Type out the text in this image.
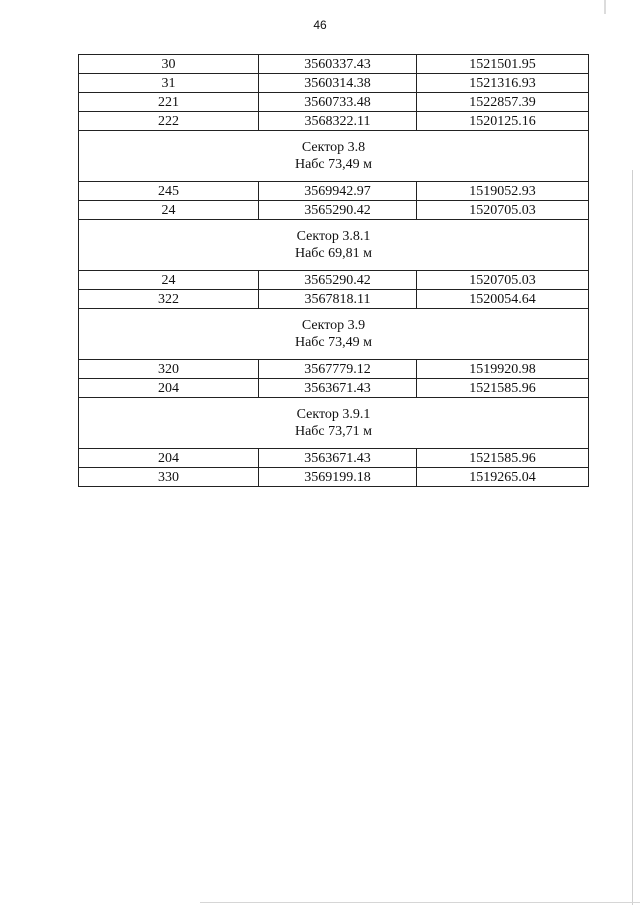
46
30	3560337.43	1521501.95
31	3560314.38	1521316.93
221	3560733.48	1522857.39
222	3568322.11	1520125.16

Сектор 3.8
Набс 73,49 м		

245	3569942.97	1519052.93
24	3565290.42	1520705.03

Сектор 3.8.1
Набс 69,81 м		

24	3565290.42	1520705.03
322	3567818.11	1520054.64

Сектор 3.9
Набс 73,49 м		

320	3567779.12	1519920.98
204	3563671.43	1521585.96

Сектор 3.9.1
Набс 73,71 м		

204	3563671.43	1521585.96
330	3569199.18	1519265.04
